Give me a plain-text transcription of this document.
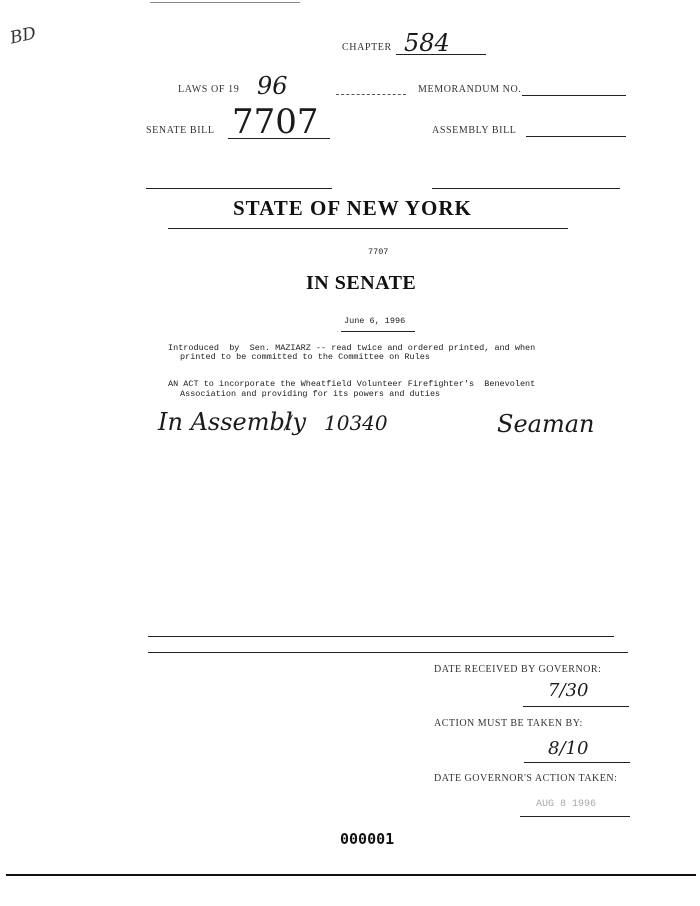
BD	CHAPTER 584
LAWS OF 19 96	MEMORANDUM NO.
SENATE BILL 7707	ASSEMBLY BILL
STATE OF NEW YORK
7707
IN SENATE
June 6, 1996
Introduced  by  Sen. MAZIARZ -- read twice and ordered printed, and when
printed to be committed to the Committee on Rules
AN ACT to incorporate the Wheatfield Volunteer Firefighter's  Benevolent
Association and providing for its powers and duties
In Assembly 10340	Seaman
DATE RECEIVED BY GOVERNOR:
7/30
ACTION MUST BE TAKEN BY:
8/10
DATE GOVERNOR'S ACTION TAKEN:
AUG 8 1996
000001
